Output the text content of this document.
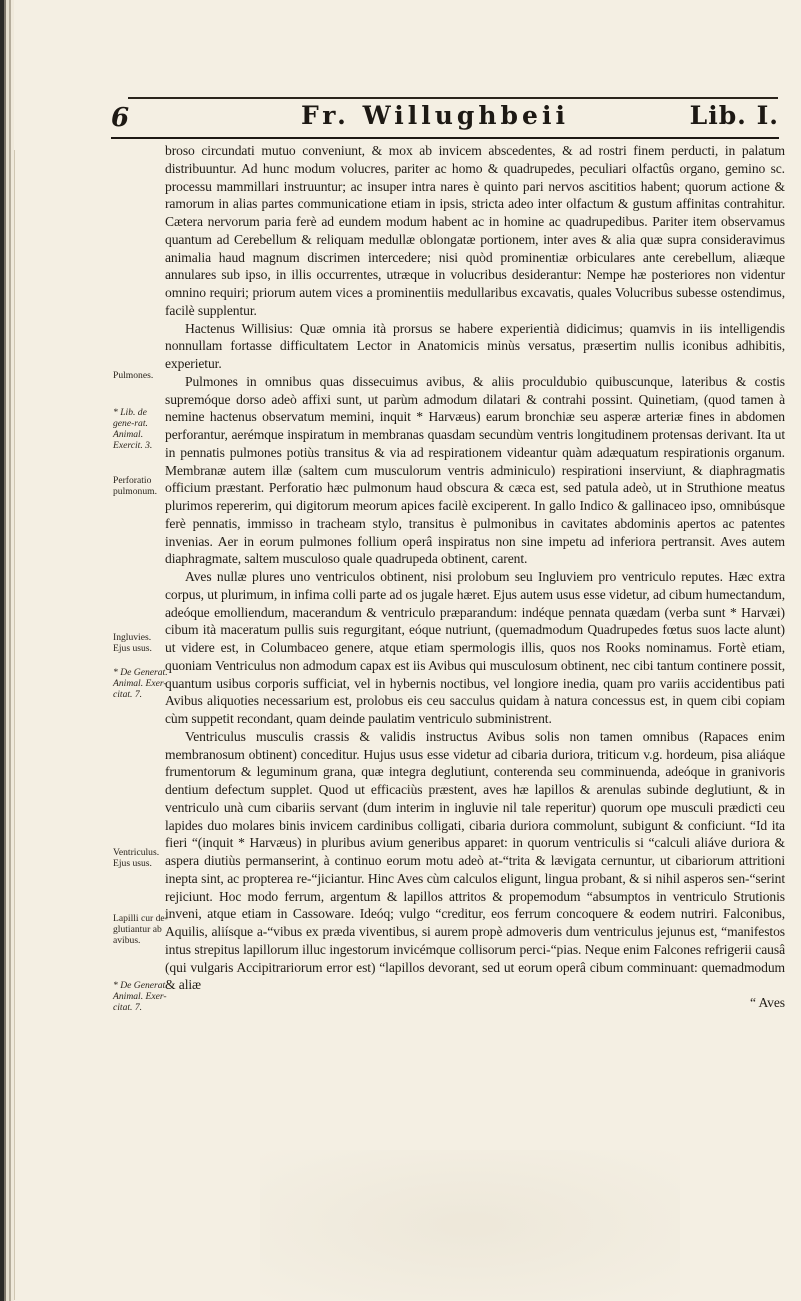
6	Fr. Willughbeii	Lib. I.
Pulmones.
* Lib. de gene-rat. Animal. Exercit. 3.
Perforatio pulmonum.
Ingluvies. Ejus usus.
* De Generat. Animal. Exer-citat. 7.
Ventriculus. Ejus usus.
Lapilli cur de-glutiantur ab avibus.
* De Generat. Animal. Exer-citat. 7.

broso circundati mutuo conveniunt, & mox ab invicem abscedentes, & ad rostri finem perducti, in palatum distribuuntur. Ad hunc modum volucres, pariter ac homo & quadrupedes, peculiari olfactûs organo, gemino sc. processu mammillari instruuntur; ac insuper intra nares è quinto pari nervos ascititios habent; quorum actione & ramorum in alias partes communicatione etiam in ipsis, stricta adeo inter olfactum & gustum affinitas contrahitur. Cætera nervorum paria ferè ad eundem modum habent ac in homine ac quadrupedibus. Pariter item observamus quantum ad Cerebellum & reliquam medullæ oblongatæ portionem, inter aves & alia quæ supra consideravimus animalia haud magnum discrimen intercedere; nisi quòd prominentiæ orbiculares ante cerebellum, aliæque annulares sub ipso, in illis occurrentes, utræque in volucribus desiderantur: Nempe hæ posteriores non videntur omnino requiri; priorum autem vices a prominentiis medullaribus excavatis, quales Volucribus subesse ostendimus, facilè supplentur.

Hactenus Willisius: Quæ omnia ità prorsus se habere experientià didicimus; quamvis in iis intelligendis nonnullam fortasse difficultatem Lector in Anatomicis minùs versatus, præsertim nullis iconibus adhibitis, experietur.

Pulmones in omnibus quas dissecuimus avibus, & aliis proculdubio quibuscunque, lateribus & costis supremóque dorso adeò affixi sunt, ut parùm admodum dilatari & contrahi possint. Quinetiam, (quod tamen à nemine hactenus observatum memini, inquit * Harvæus) earum bronchiæ seu asperæ arteriæ fines in abdomen perforantur, aerémque inspiratum in membranas quasdam secundùm ventris longitudinem protensas derivant. Ita ut in pennatis pulmones potiùs transitus & via ad respirationem videantur quàm adæquatum respirationis organum. Membranæ autem illæ (saltem cum musculorum ventris adminiculo) respirationi inserviunt, & diaphragmatis officium præstant. Perforatio hæc pulmonum haud obscura & cæca est, sed patula adeò, ut in Struthione meatus plurimos repererim, qui digitorum meorum apices facilè exciperent. In gallo Indico & gallinaceo ipso, omnibúsque ferè pennatis, immisso in tracheam stylo, transitus è pulmonibus in cavitates abdominis apertos ac patentes invenias. Aer in eorum pulmones follium operâ inspiratus non sine impetu ad inferiora pertransit. Aves autem diaphragmate, saltem musculoso quale quadrupeda obtinent, carent.

Aves nullæ plures uno ventriculos obtinent, nisi prolobum seu Ingluviem pro ventriculo reputes. Hæc extra corpus, ut plurimum, in infima colli parte ad os jugale hæret. Ejus autem usus esse videtur, ad cibum humectandum, adeóque emolliendum, macerandum & ventriculo præparandum: indéque pennata quædam (verba sunt * Harvæi) cibum ità maceratum pullis suis regurgitant, eóque nutriunt, (quemadmodum Quadrupedes fœtus suos lacte alunt) ut videre est, in Columbaceo genere, atque etiam spermologis illis, quos nos Rooks nominamus. Fortè etiam, quoniam Ventriculus non admodum capax est iis Avibus qui musculosum obtinent, nec cibi tantum continere possit, quantum usibus corporis sufficiat, vel in hybernis noctibus, vel longiore inedia, quam pro variis accidentibus pati Avibus aliquoties necessarium est, prolobus eis ceu sacculus quidam à natura concessus est, in quem cibi copiam cùm suppetit recondant, quam deinde paulatim ventriculo subministrent.

Ventriculus musculis crassis & validis instructus Avibus solis non tamen omnibus (Rapaces enim membranosum obtinent) conceditur. Hujus usus esse videtur ad cibaria duriora, triticum v.g. hordeum, pisa aliáque frumentorum & leguminum grana, quæ integra deglutiunt, conterenda seu comminuenda, adeóque in granivoris dentium defectum supplet. Quod ut efficaciùs præstent, aves hæ lapillos & arenulas subinde deglutiunt, & in ventriculo unà cum cibariis servant (dum interim in ingluvie nil tale reperitur) quorum ope musculi prædicti ceu lapides duo molares binis invicem cardinibus colligati, cibaria duriora commolunt, subigunt & conficiunt. “Id ita fieri “(inquit * Harvæus) in pluribus avium generibus apparet: in quorum ventriculis si “calculi aliáve duriora & aspera diutiùs permanserint, à continuo eorum motu adeò at-“trita & lævigata cernuntur, ut cibariorum attritioni inepta sint, ac propterea re-“jiciantur. Hinc Aves cùm calculos eligunt, lingua probant, & si nihil asperos sen-“serint rejiciunt. Hoc modo ferrum, argentum & lapillos attritos & propemodum “absumptos in ventriculo Strutionis inveni, atque etiam in Cassoware. Ideóq; vulgo “creditur, eos ferrum concoquere & eodem nutriri. Falconibus, Aquilis, aliísque a-“vibus ex præda viventibus, si aurem propè admoveris dum ventriculus jejunus est, “manifestos intus strepitus lapillorum illuc ingestorum invicémque collisorum perci-“pias. Neque enim Falcones refrigerii causâ (qui vulgaris Accipitrariorum error est) “lapillos devorant, sed ut eorum operâ cibum comminuant: quemadmodum & aliæ

“ Aves
